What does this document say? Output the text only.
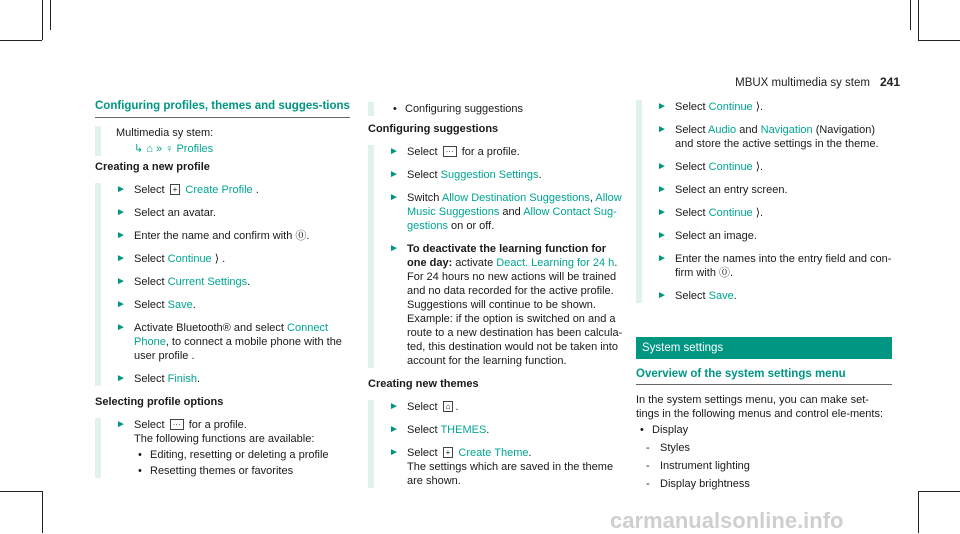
MBUX multimedia sy stem 241
Conﬁguring profiles, themes and sugges-tions
Multimedia sy stem:
↳ ⌂ » ♀ Profiles
Creating a new profile
► Select + Create Profile .
► Select an avatar.
► Enter the name and confirm with ⓪.
► Select Continue ⟩ .
► Select Current Settings.
► Select Save.
► Activate Bluetooth® and select Connect Phone, to connect a mobile phone with the user profile .
► Select Finish.
Selecting profile options
► Select ··· for a profile.
The following functions are available:
• Editing, resetting or deleting a profile
• Resetting themes or favorites
• Configuring suggestions
Configuring suggestions
► Select ··· for a profile.
► Select Suggestion Settings.
► Switch Allow Destination Suggestions, Allow Music Suggestions and Allow Contact Sug-gestions on or off.
► To deactivate the learning function for one day: activate Deact. Learning for 24 h.
For 24 hours no new actions will be trained and no data recorded for the active profile. Suggestions will continue to be shown.
Example: if the option is switched on and a route to a new destination has been calcula-ted, this destination would not be taken into account for the learning function.
Creating new themes
► Select ⌂ .
► Select THEMES.
► Select + Create Theme.
The settings which are saved in the theme are shown.
► Select Continue ⟩.
► Select Audio and Navigation (Navigation) and store the active settings in the theme.
► Select Continue ⟩.
► Select an entry screen.
► Select Continue ⟩.
► Select an image.
► Enter the names into the entry field and con-firm with ⓪.
► Select Save.
System settings
Overview of the system settings menu
In the system settings menu, you can make set-tings in the following menus and control ele-ments:
• Display
- Styles
- Instrument lighting
- Display brightness
carmanualsonline.info
